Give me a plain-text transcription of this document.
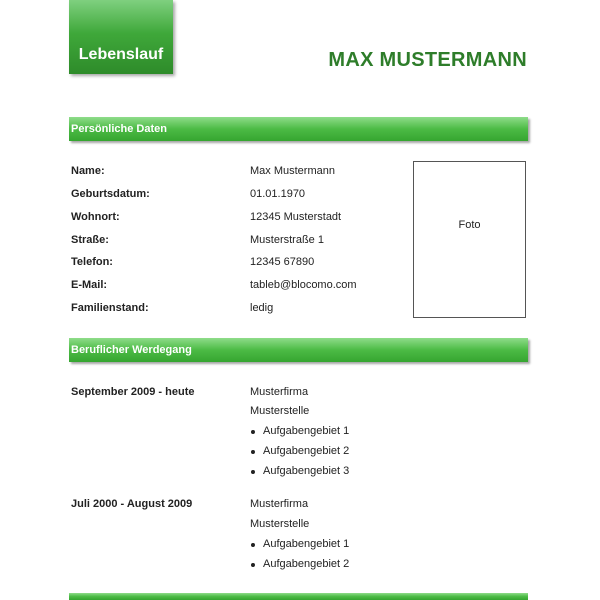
Lebenslauf	MAX MUSTERMANN
Persönliche Daten
Name:	Max Mustermann
Geburtsdatum:	01.01.1970
Wohnort:	12345 Musterstadt
Straße:	Musterstraße 1
Telefon:	12345 67890
E-Mail:	tableb@blocomo.com
Familienstand:	ledig
Foto
Beruflicher Werdegang
September 2009 - heute	Musterfirma
Musterstelle
Aufgabengebiet 1
Aufgabengebiet 2
Aufgabengebiet 3
Juli 2000 - August 2009	Musterfirma
Musterstelle
Aufgabengebiet 1
Aufgabengebiet 2
